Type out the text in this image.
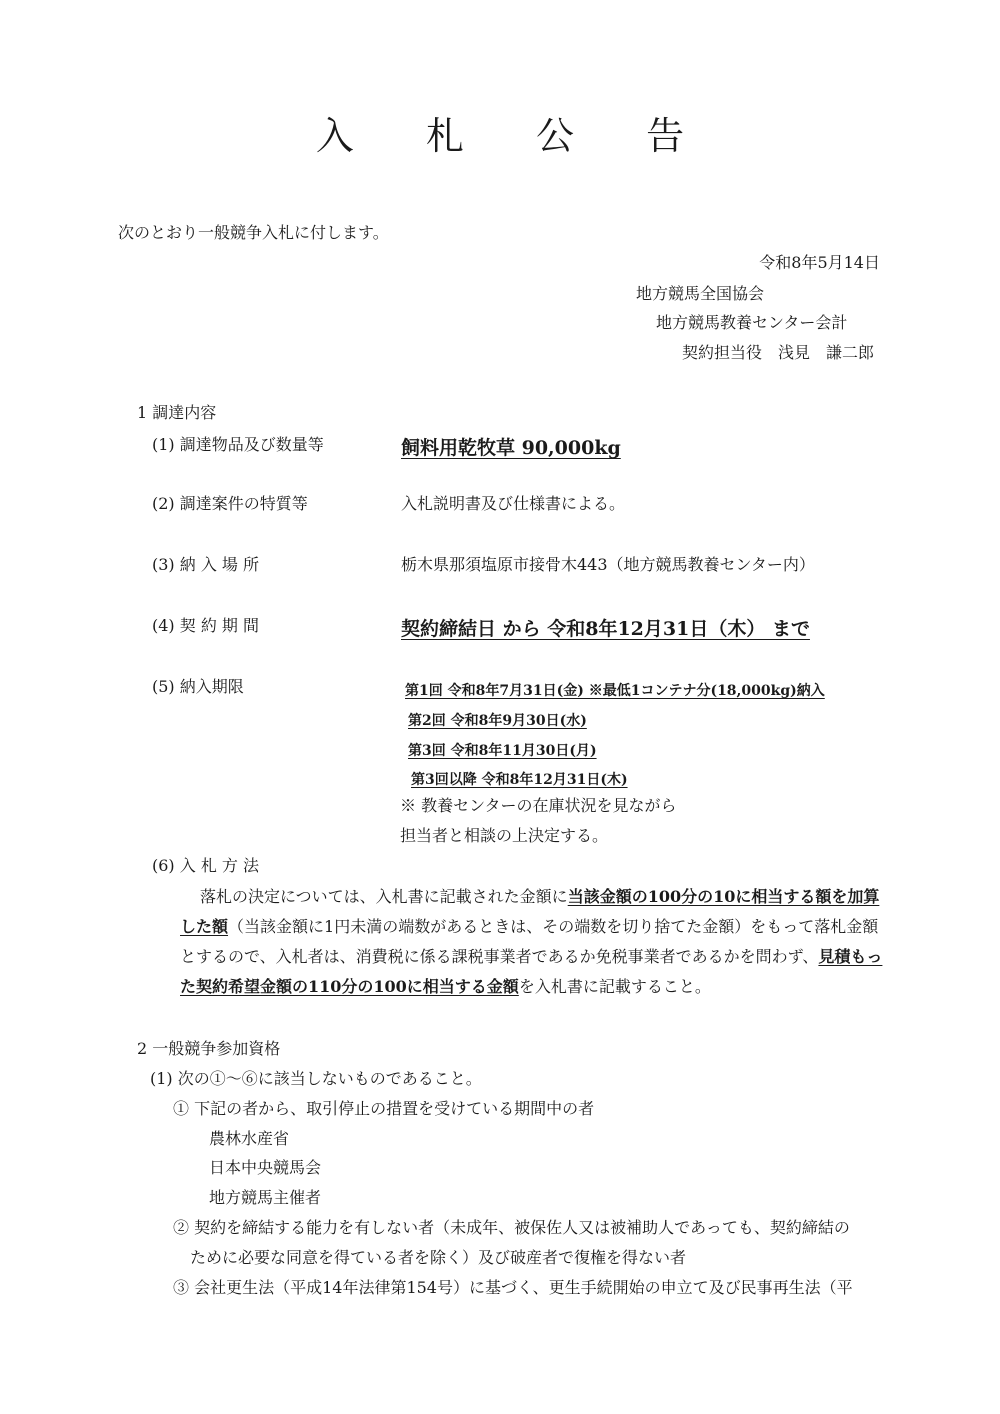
入 札 公 告
次のとおり一般競争入札に付します。
令和8年5月14日
地方競馬全国協会
地方競馬教養センター会計
契約担当役　浅見　謙二郎
1 調達内容
(1) 調達物品及び数量等	飼料用乾牧草 90,000kg
(2) 調達案件の特質等	入札説明書及び仕様書による。
(3) 納 入 場 所	栃木県那須塩原市接骨木443（地方競馬教養センター内）
(4) 契 約 期 間	契約締結日 から 令和8年12月31日（木） まで
(5) 納入期限	第1回 令和8年7月31日(金) ※最低1コンテナ分(18,000kg)納入
第2回 令和8年9月30日(水)
第3回 令和8年11月30日(月)
第3回以降 令和8年12月31日(木)
※ 教養センターの在庫状況を見ながら
担当者と相談の上決定する。
(6) 入 札 方 法
落札の決定については、入札書に記載された金額に当該金額の100分の10に相当する額を加算した額（当該金額に1円未満の端数があるときは、その端数を切り捨てた金額）をもって落札金額とするので、入札者は、消費税に係る課税事業者であるか免税事業者であるかを問わず、見積もった契約希望金額の110分の100に相当する金額を入札書に記載すること。
2 一般競争参加資格
(1) 次の①～⑥に該当しないものであること。
① 下記の者から、取引停止の措置を受けている期間中の者
農林水産省
日本中央競馬会
地方競馬主催者
② 契約を締結する能力を有しない者（未成年、被保佐人又は被補助人であっても、契約締結の
ために必要な同意を得ている者を除く）及び破産者で復権を得ない者
③ 会社更生法（平成14年法律第154号）に基づく、更生手続開始の申立て及び民事再生法（平
